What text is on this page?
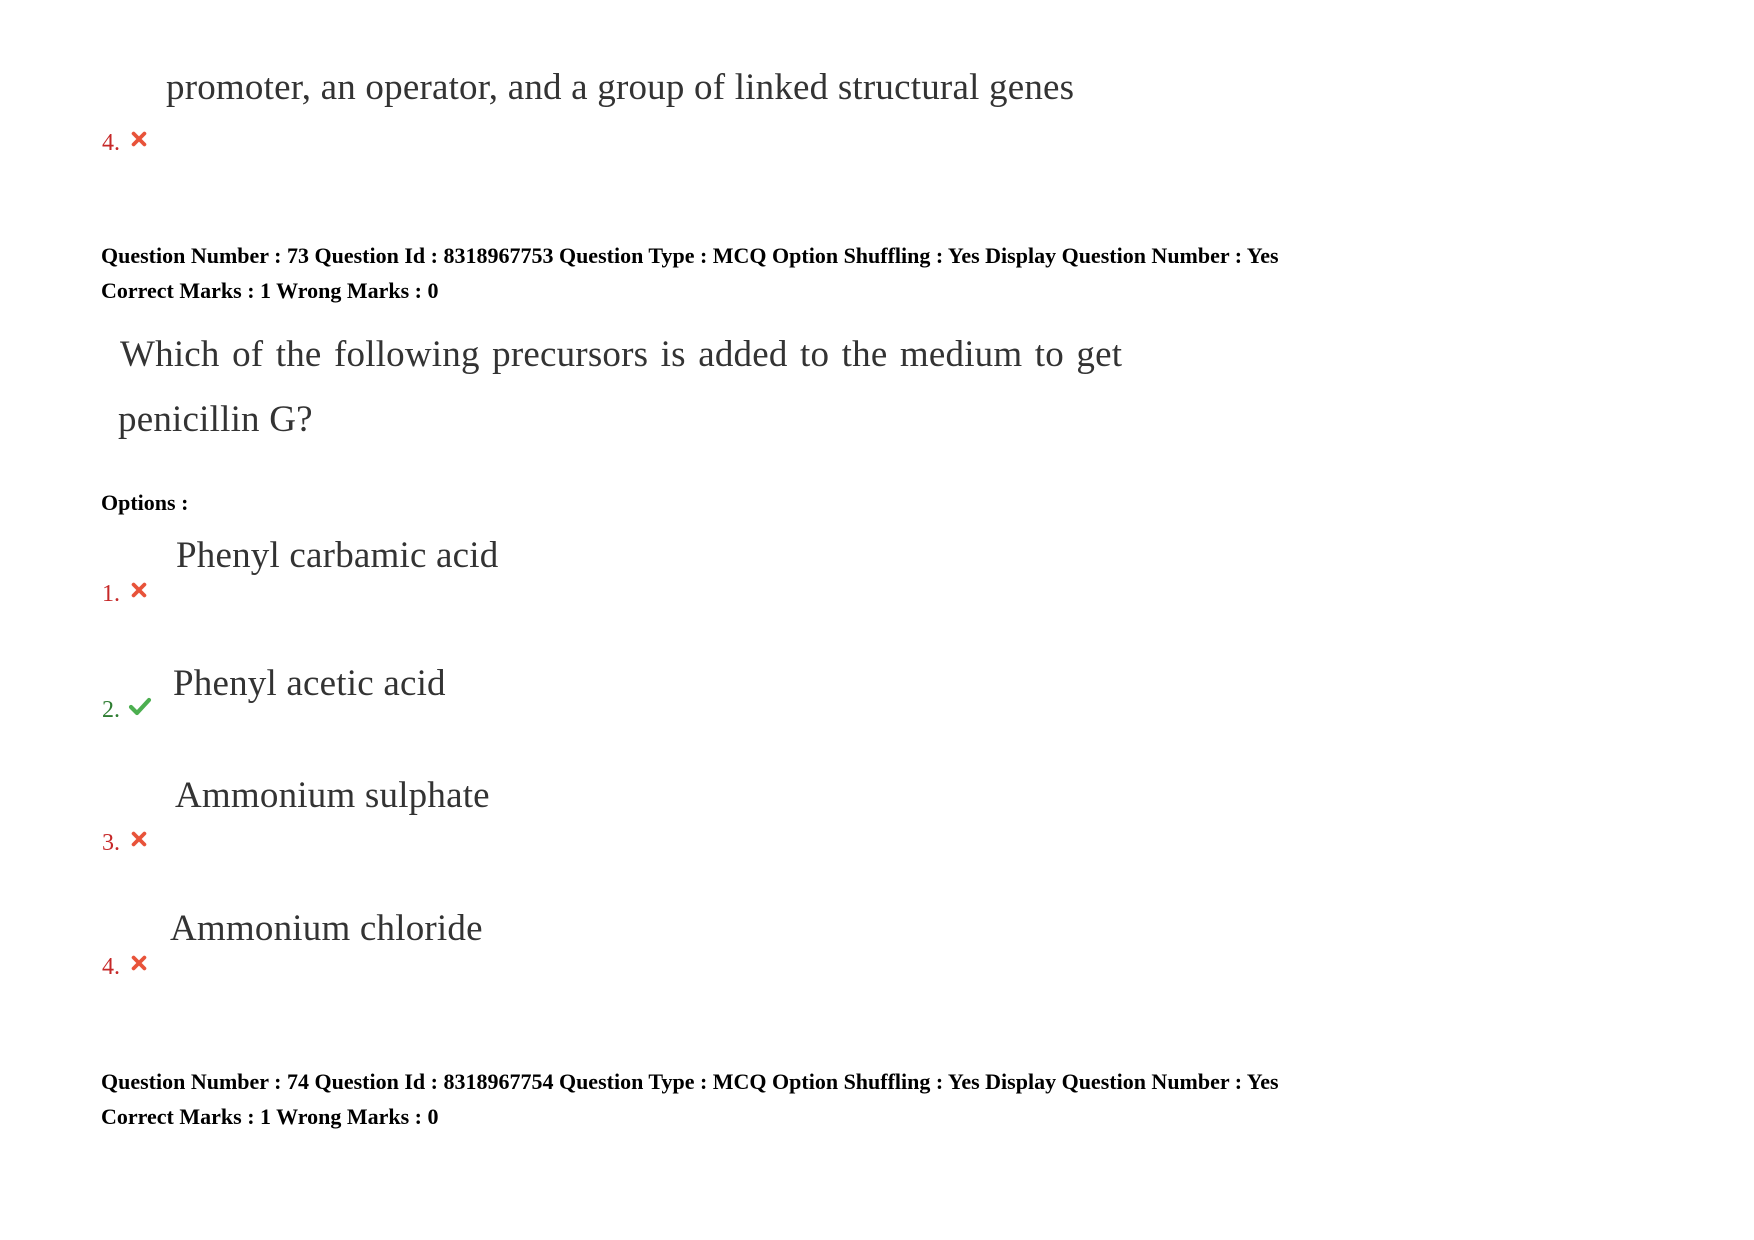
promoter, an operator, and a group of linked structural genes
4.
Question Number : 73 Question Id : 8318967753 Question Type : MCQ Option Shuffling : Yes Display Question Number : Yes
Correct Marks : 1 Wrong Marks : 0
Which of the following precursors is added to the medium to get
penicillin G?
Options :
Phenyl carbamic acid
1.
Phenyl acetic acid
2.
Ammonium sulphate
3.
Ammonium chloride
4.
Question Number : 74 Question Id : 8318967754 Question Type : MCQ Option Shuffling : Yes Display Question Number : Yes
Correct Marks : 1 Wrong Marks : 0
